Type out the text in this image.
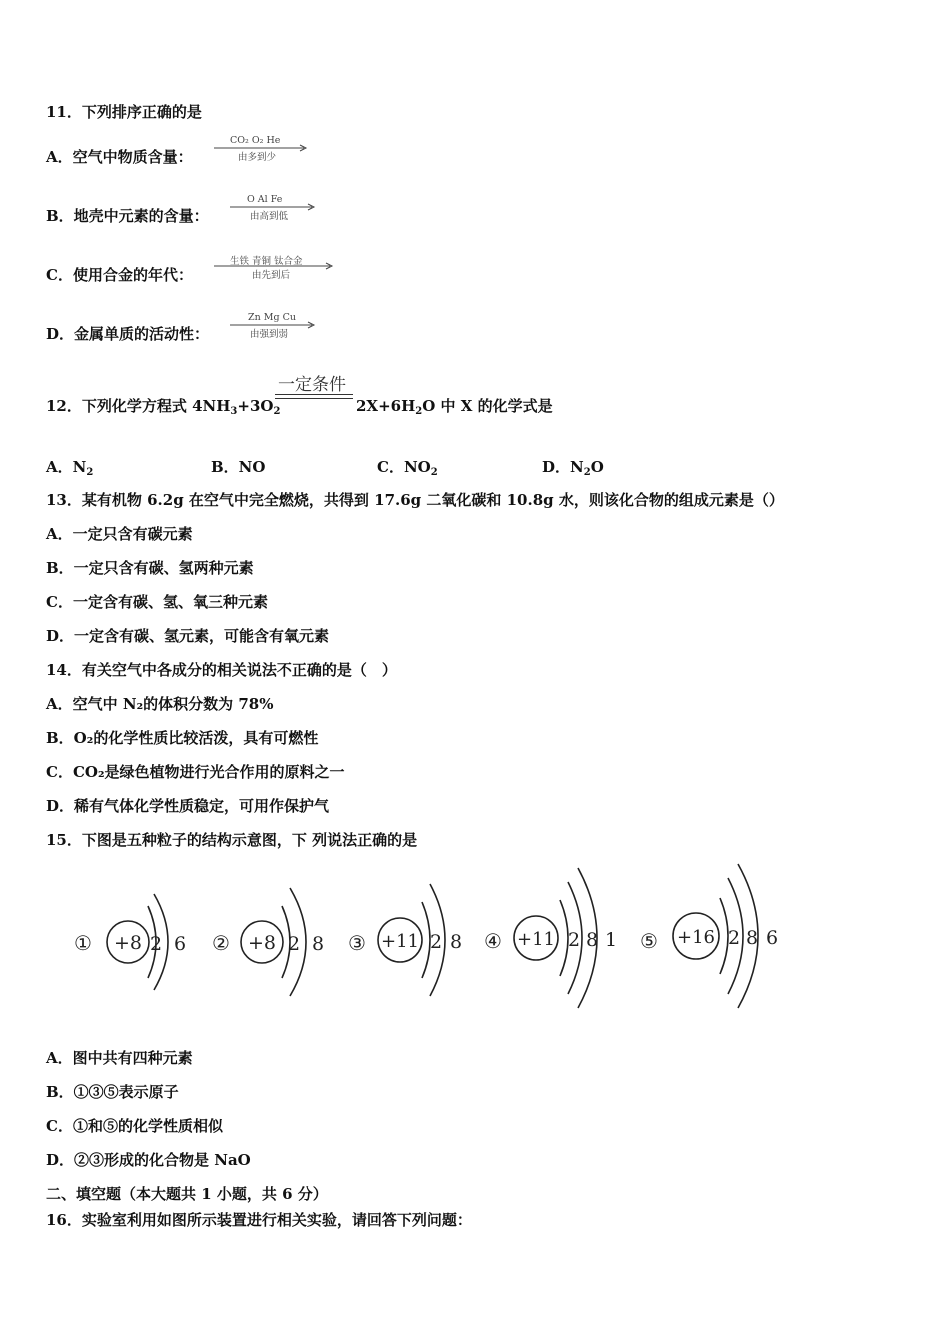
11．下列排序正确的是
A．空气中物质含量：
CO₂ O₂ He
由多到少
B．地壳中元素的含量：
O Al Fe
由高到低
C．使用合金的年代：
生铁 青铜 钛合金
由先到后
D．金属单质的活动性：
Zn Mg Cu
由强到弱
一定条件
12．下列化学方程式 $4NH_3+3O_2$	$2X+6H_2O$ 中 X 的化学式是
A．$N_2$	B．NO	C．$NO_2$	D．$N_2O$
13．某有机物 6.2g 在空气中完全燃烧，共得到 17.6g 二氧化碳和 10.8g 水，则该化合物的组成元素是（）
A．一定只含有碳元素
B．一定只含有碳、氢两种元素
C．一定含有碳、氢、氧三种元素
D．一定含有碳、氢元素，可能含有氧元素
14．有关空气中各成分的相关说法不正确的是（　）
A．空气中 N₂的体积分数为 78%
B．O₂的化学性质比较活泼，具有可燃性
C．CO₂是绿色植物进行光合作用的原料之一
D．稀有气体化学性质稳定，可用作保护气
15．下图是五种粒子的结构示意图，下 列说法正确的是
① +8 2 6 ② +8 2 8 ③ +11 2 8 ④ +11 2 8 1 ⑤ +16 2 8 6
A．图中共有四种元素
B．①③⑤表示原子
C．①和⑤的化学性质相似
D．②③形成的化合物是 NaO
二、填空题（本大题共 1 小题，共 6 分）
16．实验室利用如图所示装置进行相关实验，请回答下列问题：
